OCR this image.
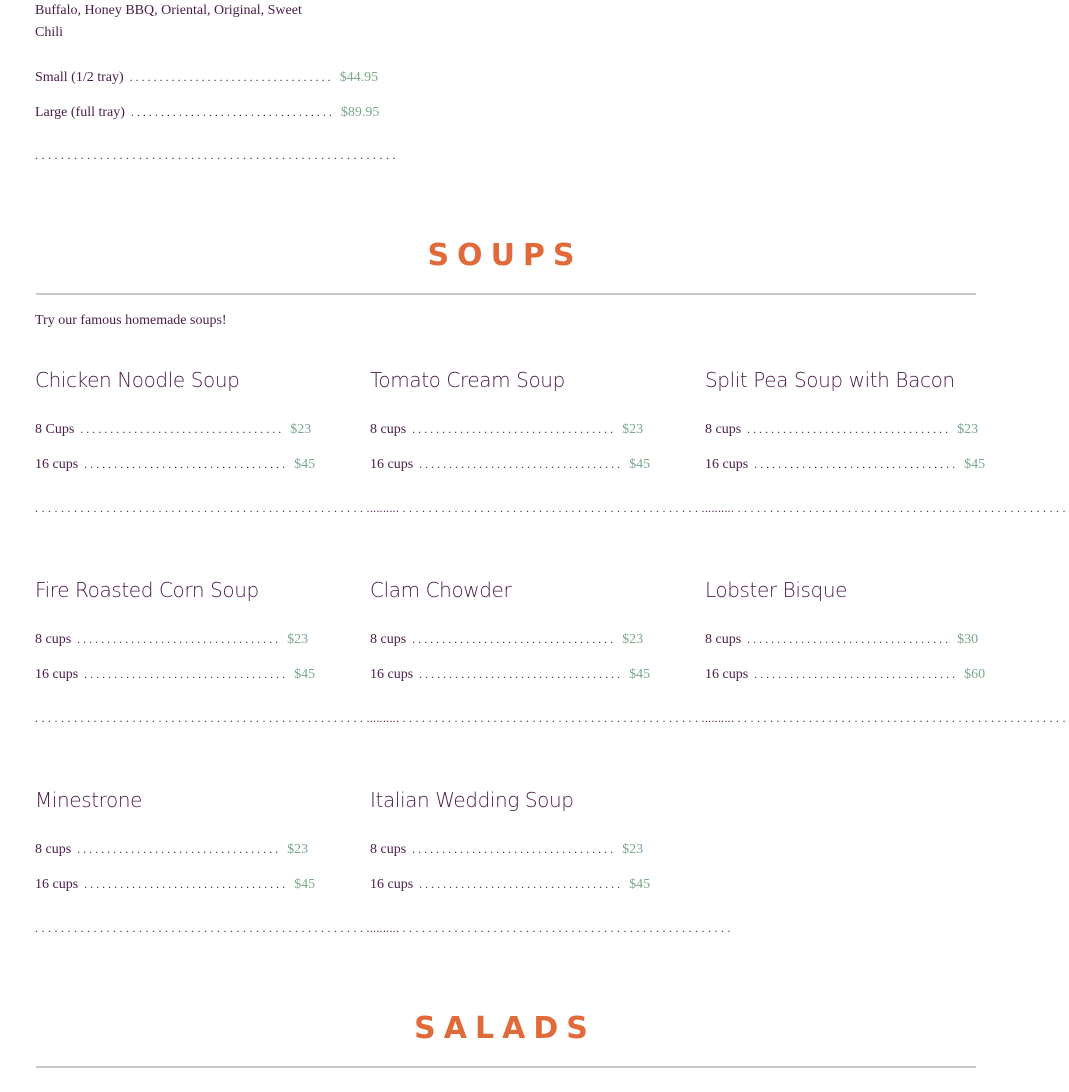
Buffalo, Honey BBQ, Oriental, Original, Sweet Chili

Small (1/2 tray) .................................. $44.95
Large (full tray) .................................. $89.95
........................................................
SOUPS

Try our famous homemade soups!

Chicken Noodle Soup
8 Cups .................................. $23
16 cups .................................. $45
........................................................
Tomato Cream Soup
8 cups .................................. $23
16 cups .................................. $45
........................................................
Split Pea Soup with Bacon
8 cups .................................. $23
16 cups .................................. $45
........................................................
Fire Roasted Corn Soup
8 cups .................................. $23
16 cups .................................. $45
........................................................
Clam Chowder
8 cups .................................. $23
16 cups .................................. $45
........................................................
Lobster Bisque
8 cups .................................. $30
16 cups .................................. $60
........................................................
Minestrone
8 cups .................................. $23
16 cups .................................. $45
........................................................
Italian Wedding Soup
8 cups .................................. $23
16 cups .................................. $45
........................................................
SALADS
